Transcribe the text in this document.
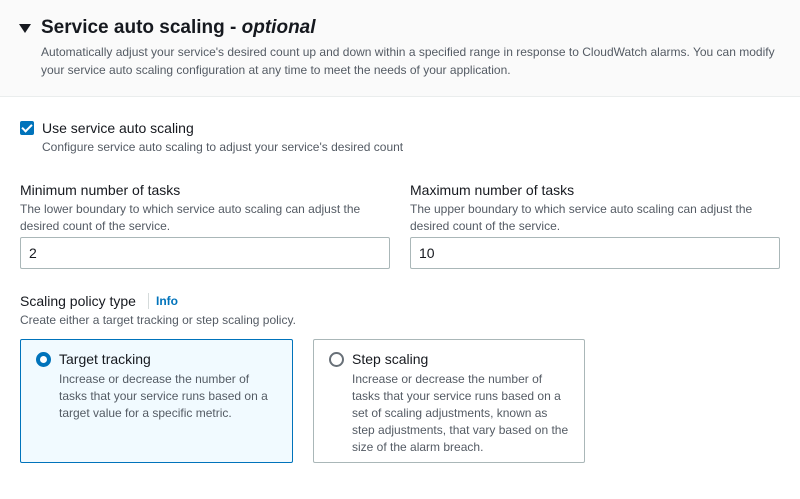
Service auto scaling - optional
Automatically adjust your service's desired count up and down within a specified range in response to CloudWatch alarms. You can modify your service auto scaling configuration at any time to meet the needs of your application.
Use service auto scaling
Configure service auto scaling to adjust your service's desired count
Minimum number of tasks
The lower boundary to which service auto scaling can adjust the desired count of the service.
2
Maximum number of tasks
The upper boundary to which service auto scaling can adjust the desired count of the service.
10
Scaling policy type Info
Create either a target tracking or step scaling policy.
Target tracking
Increase or decrease the number of tasks that your service runs based on a target value for a specific metric.
Step scaling
Increase or decrease the number of tasks that your service runs based on a set of scaling adjustments, known as step adjustments, that vary based on the size of the alarm breach.
